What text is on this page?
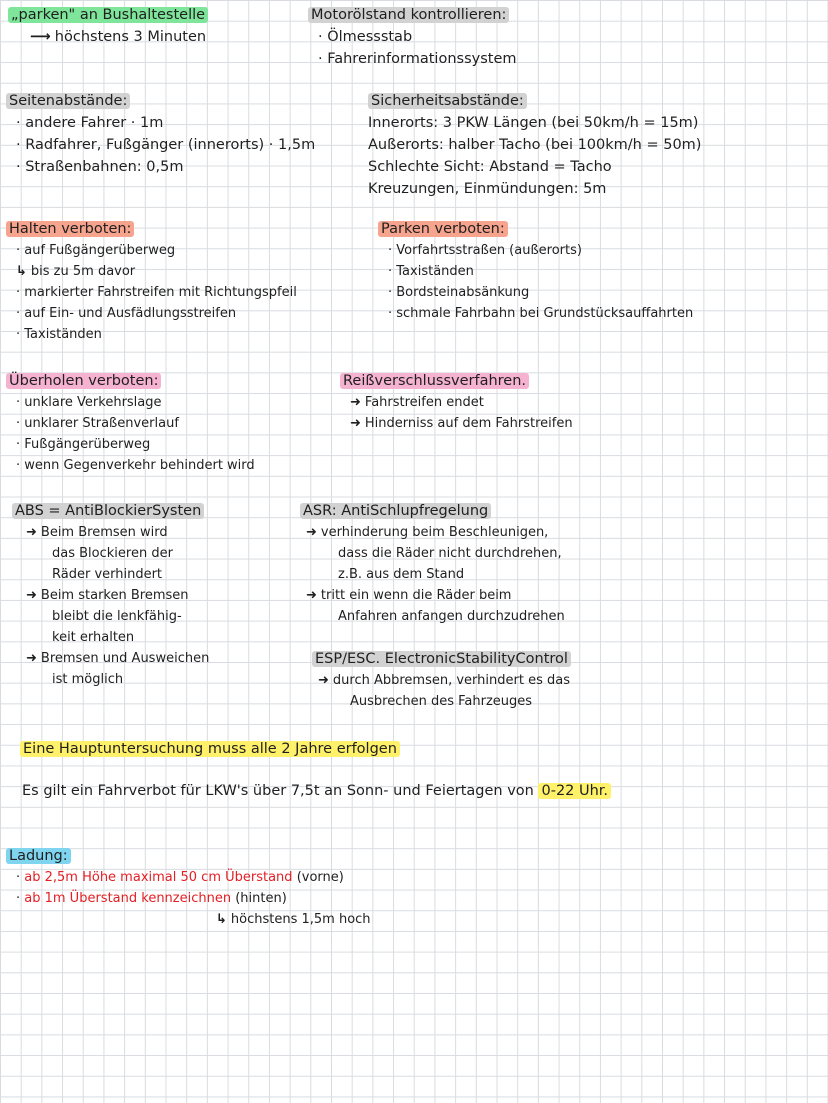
„parken" an Bushaltestelle
⟶ höchstens 3 Minuten
Motorölstand kontrollieren:
· Ölmessstab
· Fahrerinformationssystem
Seitenabstände:
· andere Fahrer · 1m
· Radfahrer, Fußgänger (innerorts) · 1,5m
· Straßenbahnen: 0,5m
Sicherheitsabstände:
Innerorts: 3 PKW Längen (bei 50km/h = 15m)
Außerorts: halber Tacho (bei 100km/h = 50m)
Schlechte Sicht: Abstand = Tacho
Kreuzungen, Einmündungen: 5m
Halten verboten:
· auf Fußgängerüberweg
↳ bis zu 5m davor
· markierter Fahrstreifen mit Richtungspfeil
· auf Ein- und Ausfädlungsstreifen
· Taxiständen
Parken verboten:
· Vorfahrtsstraßen (außerorts)
· Taxiständen
· Bordsteinabsänkung
· schmale Fahrbahn bei Grundstücksauffahrten
Überholen verboten:
· unklare Verkehrslage
· unklarer Straßenverlauf
· Fußgängerüberweg
· wenn Gegenverkehr behindert wird
Reißverschlussverfahren.
➜ Fahrstreifen endet
➜ Hinderniss auf dem Fahrstreifen
ABS = AntiBlockierSysten
➜ Beim Bremsen wird
das Blockieren der
Räder verhindert
➜ Beim starken Bremsen
bleibt die lenkfähig-
keit erhalten
➜ Bremsen und Ausweichen
ist möglich
ASR: AntiSchlupfregelung
➜ verhinderung beim Beschleunigen,
dass die Räder nicht durchdrehen,
z.B. aus dem Stand
➜ tritt ein wenn die Räder beim
Anfahren anfangen durchzudrehen
ESP/ESC. ElectronicStabilityControl
➜ durch Abbremsen, verhindert es das
Ausbrechen des Fahrzeuges
Eine Hauptuntersuchung muss alle 2 Jahre erfolgen
Es gilt ein Fahrverbot für LKW's über 7,5t an Sonn- und Feiertagen von 0-22 Uhr.
Ladung:
· ab 2,5m Höhe maximal 50 cm Überstand (vorne)
· ab 1m Überstand kennzeichnen (hinten)
↳ höchstens 1,5m hoch
